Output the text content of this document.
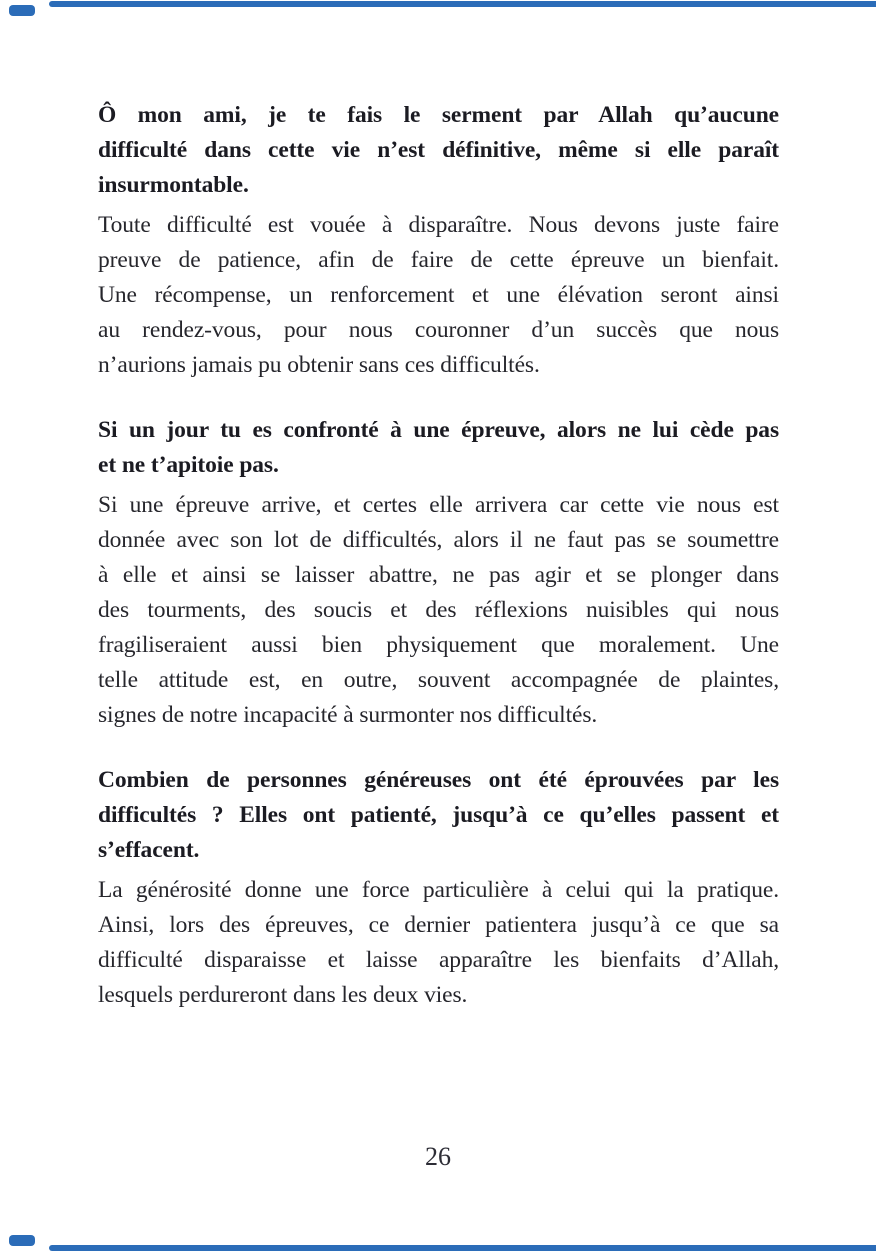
Ô mon ami, je te fais le serment par Allah qu’aucune
difficulté dans cette vie n’est définitive, même si elle paraît
insurmontable.
Toute difficulté est vouée à disparaître. Nous devons juste faire
preuve de patience, afin de faire de cette épreuve un bienfait.
Une récompense, un renforcement et une élévation seront ainsi
au rendez-vous, pour nous couronner d’un succès que nous
n’aurions jamais pu obtenir sans ces difficultés.
Si un jour tu es confronté à une épreuve, alors ne lui cède pas
et ne t’apitoie pas.
Si une épreuve arrive, et certes elle arrivera car cette vie nous est
donnée avec son lot de difficultés, alors il ne faut pas se soumettre
à elle et ainsi se laisser abattre, ne pas agir et se plonger dans
des tourments, des soucis et des réflexions nuisibles qui nous
fragiliseraient aussi bien physiquement que moralement. Une
telle attitude est, en outre, souvent accompagnée de plaintes,
signes de notre incapacité à surmonter nos difficultés.
Combien de personnes généreuses ont été éprouvées par les
difficultés ? Elles ont patienté, jusqu’à ce qu’elles passent et
s’effacent.
La générosité donne une force particulière à celui qui la pratique.
Ainsi, lors des épreuves, ce dernier patientera jusqu’à ce que sa
difficulté disparaisse et laisse apparaître les bienfaits d’Allah,
lesquels perdureront dans les deux vies.
26
